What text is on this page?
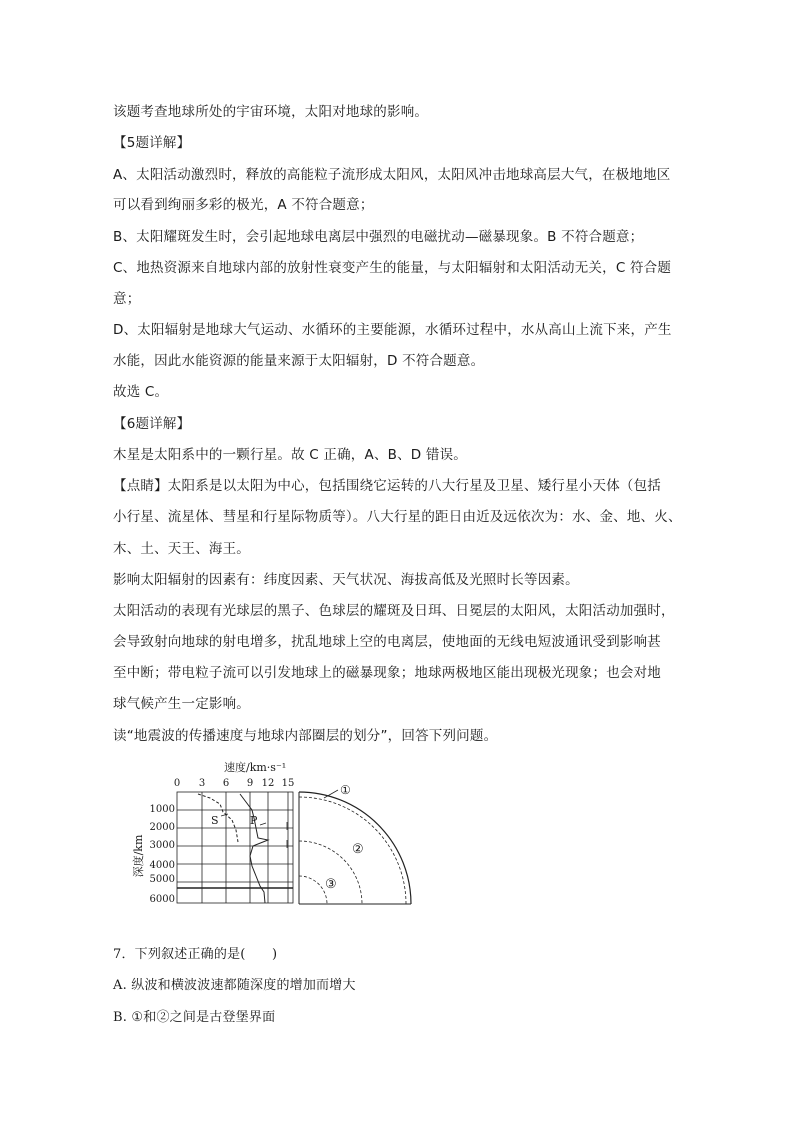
该题考查地球所处的宇宙环境，太阳对地球的影响。
【5题详解】
A、太阳活动激烈时，释放的高能粒子流形成太阳风，太阳风冲击地球高层大气，在极地地区
可以看到绚丽多彩的极光，A 不符合题意；
B、太阳耀斑发生时，会引起地球电离层中强烈的电磁扰动—磁暴现象。B 不符合题意；
C、地热资源来自地球内部的放射性衰变产生的能量，与太阳辐射和太阳活动无关，C 符合题
意；
D、太阳辐射是地球大气运动、水循环的主要能源，水循环过程中，水从高山上流下来，产生
水能，因此水能资源的能量来源于太阳辐射，D 不符合题意。
故选 C。
【6题详解】
木星是太阳系中的一颗行星。故 C 正确，A、B、D 错误。
【点睛】太阳系是以太阳为中心，包括围绕它运转的八大行星及卫星、矮行星小天体（包括
小行星、流星体、彗星和行星际物质等）。八大行星的距日由近及远依次为：水、金、地、火、
木、土、天王、海王。
影响太阳辐射的因素有：纬度因素、天气状况、海拔高低及光照时长等因素。
太阳活动的表现有光球层的黑子、色球层的耀斑及日珥、日冕层的太阳风，太阳活动加强时，
会导致射向地球的射电增多，扰乱地球上空的电离层，使地面的无线电短波通讯受到影响甚
至中断；带电粒子流可以引发地球上的磁暴现象；地球两极地区能出现极光现象；也会对地
球气候产生一定影响。
读“地震波的传播速度与地球内部圈层的划分”，回答下列问题。
速度/km·s⁻¹
0 3 6 9 12 15
深度/km
1000
2000
3000
4000
5000
6000
S	P
①
②
③
7．下列叙述正确的是(　　)
A. 纵波和横波波速都随深度的增加而增大
B. ①和②之间是古登堡界面
